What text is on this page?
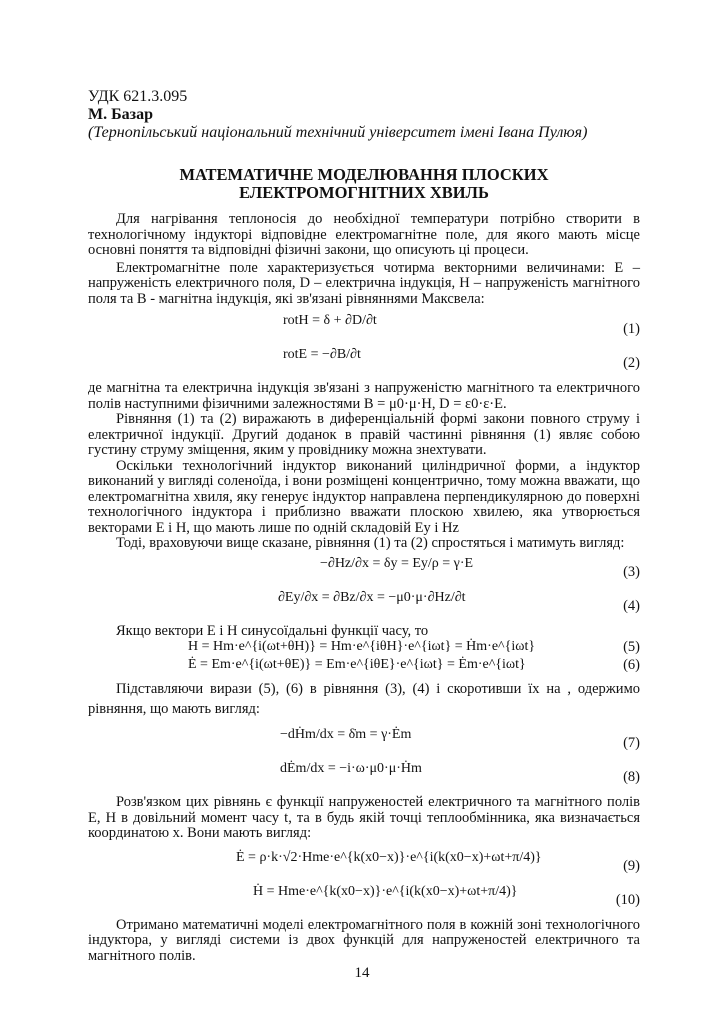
УДК 621.3.095
М. Базар
(Тернопільський національний технічний університет імені Івана Пулюя)
МАТЕМАТИЧНЕ МОДЕЛЮВАННЯ ПЛОСКИХ
ЕЛЕКТРОМОГНІТНИХ ХВИЛЬ

Для нагрівання теплоносія до необхідної температури потрібно створити в технологічному індукторі відповідне електромагнітне поле, для якого мають місце основні поняття та відповідні фізичні закони, що описують ці процеси.

Електромагнітне поле характеризується чотирма векторними величинами: E – напруженість електричного поля, D – електрична індукція, H – напруженість магнітного поля та B - магнітна індукція, які зв'язані рівняннями Максвела:

rotH = δ + ∂D/∂t
(1)
rotE = −∂B/∂t
(2)

де магнітна та електрична індукція зв'язані з напруженістю магнітного та електричного полів наступними фізичними залежностями B = μ0·μ·H, D = ε0·ε·E.

Рівняння (1) та (2) виражають в диференціальній формі закони повного струму і електричної індукції. Другий доданок в правій частинні рівняння (1) являє собою густину струму зміщення, яким у провіднику можна знехтувати.

Оскільки технологічний індуктор виконаний циліндричної форми, а індуктор виконаний у вигляді соленоїда, і вони розміщені концентрично, тому можна вважати, що електромагнітна хвиля, яку генерує індуктор направлена перпендикулярною до поверхні технологічного індуктора і приблизно вважати плоскою хвилею, яка утворюється векторами E і H, що мають лише по одній складовій Ey і Hz

Тоді, враховуючи вище сказане, рівняння (1) та (2) спростяться і матимуть вигляд:

−∂Hz/∂x = δy = Ey/ρ = γ·E
(3)
∂Ey/∂x = ∂Bz/∂x = −μ0·μ·∂Hz/∂t
(4)

Якщо вектори E і H синусоїдальні функції часу, то

H = Hm·e^{i(ωt+θH)} = Hm·e^{iθH}·e^{iωt} = Ḣm·e^{iωt}	(5)
Ė = Em·e^{i(ωt+θE)} = Em·e^{iθE}·e^{iωt} = Ėm·e^{iωt}	(6)

Підставляючи вирази (5), (6) в рівняння (3), (4) і скоротивши їх на , одержимо рівняння, що мають вигляд:

−dḢm/dx = δ̇m = γ·Ėm
(7)
dĖm/dx = −i·ω·μ0·μ·Ḣm
(8)

Розв'язком цих рівнянь є функції напруженостей електричного та магнітного полів E, H в довільний момент часу t, та в будь якій точці теплообмінника, яка визначається координатою x. Вони мають вигляд:

Ė = ρ·k·√2·Hme·e^{k(x0−x)}·e^{i(k(x0−x)+ωt+π/4)}
(9)
Ḣ = Hme·e^{k(x0−x)}·e^{i(k(x0−x)+ωt+π/4)}
(10)

Отримано математичні моделі електромагнітного поля в кожній зоні технологічного індуктора, у вигляді системи із двох функцій для напруженостей електричного та магнітного полів.

14
